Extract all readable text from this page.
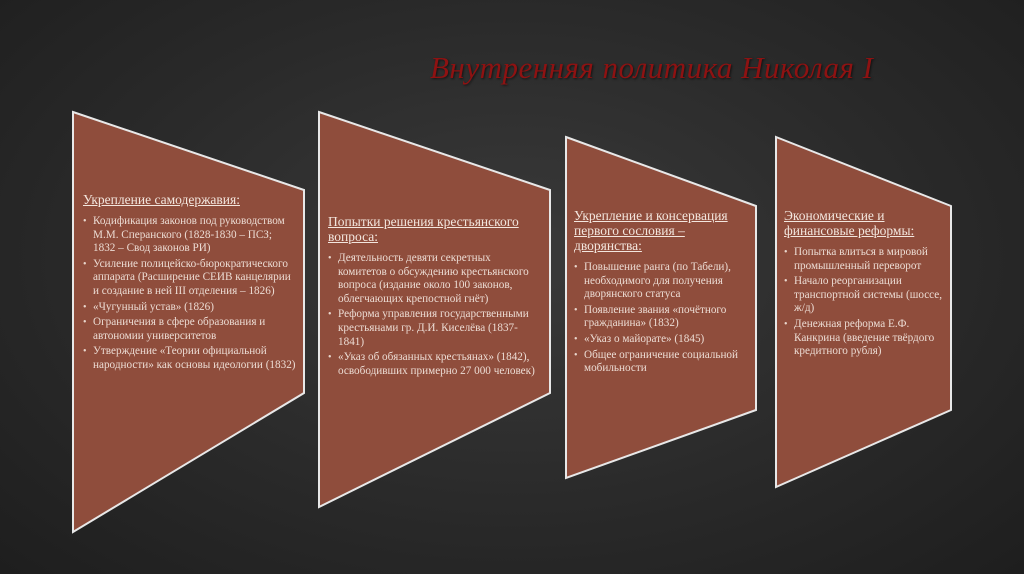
Внутренняя политика Николая I
Укрепление самодержавия:
• Кодификация законов под руководством М.М. Сперанского (1828-1830 – ПСЗ; 1832 – Свод законов РИ)
• Усиление полицейско-бюрократического аппарата (Расширение СЕИВ канцелярии и создание в ней III отделения – 1826)
• «Чугунный устав» (1826)
• Ограничения в сфере образования и автономии университетов
• Утверждение «Теории официальной народности» как основы идеологии (1832)
Попытки решения крестьянского вопроса:
• Деятельность девяти секретных комитетов о обсуждению крестьянского вопроса (издание около 100 законов, облегчающих крепостной гнёт)
• Реформа управления государственными крестьянами гр. Д.И. Киселёва (1837-1841)
• «Указ об обязанных крестьянах» (1842), освободивших примерно 27 000 человек)
Укрепление и консервация первого сословия – дворянства:
• Повышение ранга (по Табели), необходимого для получения дворянского статуса
• Появление звания «почётного гражданина» (1832)
• «Указ о майорате» (1845)
• Общее ограничение социальной мобильности
Экономические и финансовые реформы:
• Попытка влиться в мировой промышленный переворот
• Начало реорганизации транспортной системы (шоссе, ж/д)
• Денежная реформа Е.Ф. Канкрина (введение твёрдого кредитного рубля)
